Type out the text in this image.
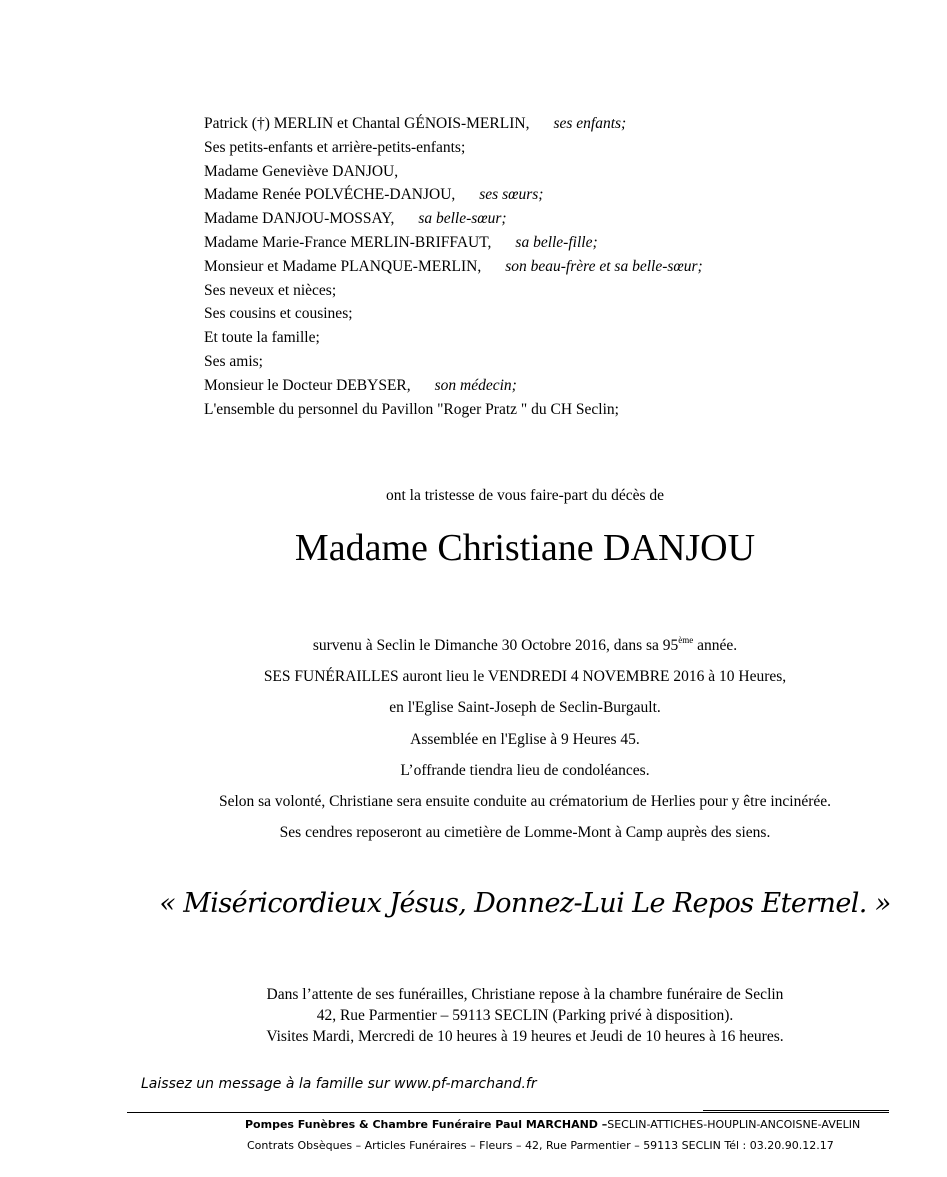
Patrick (†) MERLIN et Chantal GÉNOIS-MERLIN, ses enfants;
Ses petits-enfants et arrière-petits-enfants;
Madame Geneviève DANJOU,
Madame Renée POLVÉCHE-DANJOU, ses sœurs;
Madame DANJOU-MOSSAY, sa belle-sœur;
Madame Marie-France MERLIN-BRIFFAUT, sa belle-fille;
Monsieur et Madame PLANQUE-MERLIN, son beau-frère et sa belle-sœur;
Ses neveux et nièces;
Ses cousins et cousines;
Et toute la famille;
Ses amis;
Monsieur le Docteur DEBYSER, son médecin;
L'ensemble du personnel du Pavillon "Roger Pratz " du CH Seclin;
ont la tristesse de vous faire-part du décès de
Madame Christiane DANJOU
survenu à Seclin le Dimanche 30 Octobre 2016, dans sa 95ème année.
SES FUNÉRAILLES auront lieu le VENDREDI 4 NOVEMBRE 2016 à 10 Heures,
en l'Eglise Saint-Joseph de Seclin-Burgault.
Assemblée en l'Eglise à 9 Heures 45.
L’offrande tiendra lieu de condoléances.
Selon sa volonté, Christiane sera ensuite conduite au crématorium de Herlies pour y être incinérée.
Ses cendres reposeront au cimetière de Lomme-Mont à Camp auprès des siens.
« Miséricordieux Jésus, Donnez-Lui Le Repos Eternel. »
Dans l’attente de ses funérailles, Christiane repose à la chambre funéraire de Seclin
42, Rue Parmentier – 59113 SECLIN (Parking privé à disposition).
Visites Mardi, Mercredi de 10 heures à 19 heures et Jeudi de 10 heures à 16 heures.
Laissez un message à la famille sur www.pf-marchand.fr
Pompes Funèbres & Chambre Funéraire Paul MARCHAND –SECLIN-ATTICHES-HOUPLIN-ANCOISNE-AVELIN
Contrats Obsèques – Articles Funéraires – Fleurs – 42, Rue Parmentier – 59113 SECLIN Tél : 03.20.90.12.17
